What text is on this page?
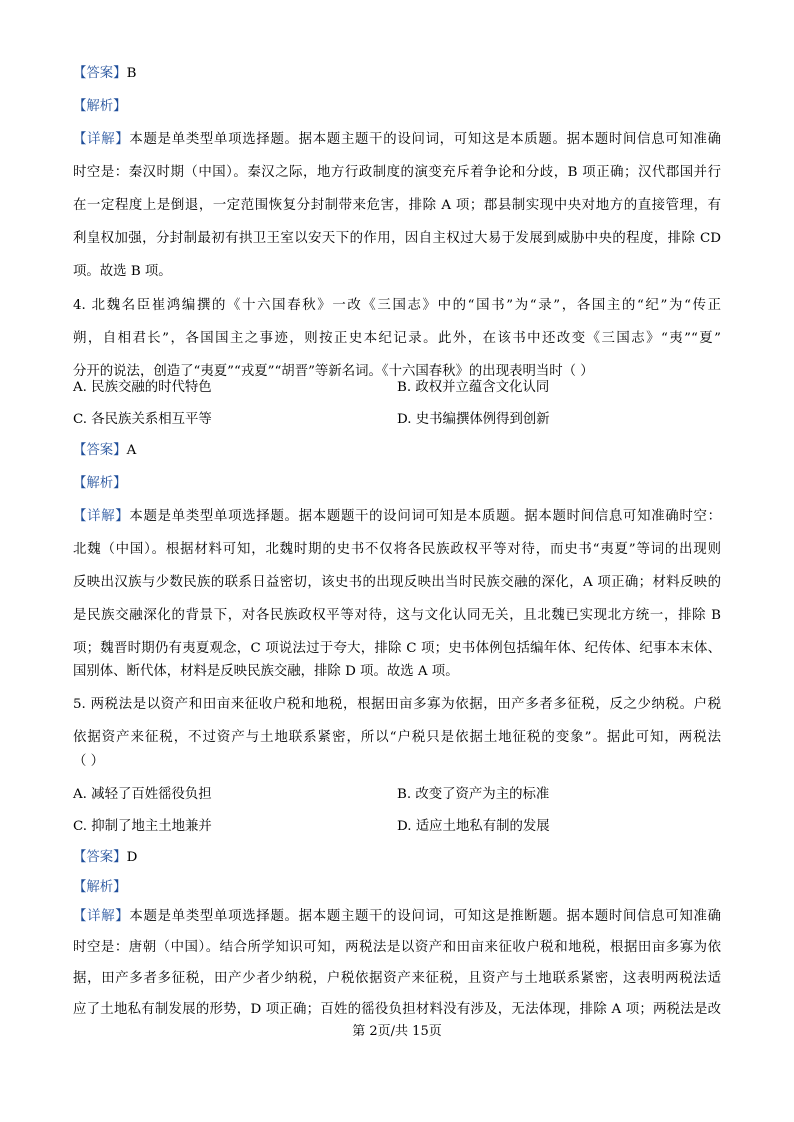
【答案】B
【解析】
【详解】本题是单类型单项选择题。据本题主题干的设问词，可知这是本质题。据本题时间信息可知准确
时空是：秦汉时期（中国）。秦汉之际，地方行政制度的演变充斥着争论和分歧，B 项正确；汉代郡国并行
在一定程度上是倒退，一定范围恢复分封制带来危害，排除 A 项；郡县制实现中央对地方的直接管理，有
利皇权加强，分封制最初有拱卫王室以安天下的作用，因自主权过大易于发展到威胁中央的程度，排除 CD
项。故选 B 项。
4. 北魏名臣崔鸿编撰的《十六国春秋》一改《三国志》中的“国书”为“录”，各国主的“纪”为“传正
朔，自相君长”，各国国主之事迹，则按正史本纪记录。此外，在该书中还改变《三国志》“夷”“夏”
分开的说法，创造了“夷夏”“戎夏”“胡晋”等新名词。《十六国春秋》的出现表明当时（ ）
A. 民族交融的时代特色	B. 政权并立蕴含文化认同
C. 各民族关系相互平等	D. 史书编撰体例得到创新
【答案】A
【解析】
【详解】本题是单类型单项选择题。据本题题干的设问词可知是本质题。据本题时间信息可知准确时空：
北魏（中国）。根据材料可知，北魏时期的史书不仅将各民族政权平等对待，而史书“夷夏”等词的出现则
反映出汉族与少数民族的联系日益密切，该史书的出现反映出当时民族交融的深化，A 项正确；材料反映的
是民族交融深化的背景下，对各民族政权平等对待，这与文化认同无关，且北魏已实现北方统一，排除 B
项；魏晋时期仍有夷夏观念，C 项说法过于夸大，排除 C 项；史书体例包括编年体、纪传体、纪事本末体、
国别体、断代体，材料是反映民族交融，排除 D 项。故选 A 项。
5. 两税法是以资产和田亩来征收户税和地税，根据田亩多寡为依据，田产多者多征税，反之少纳税。户税
依据资产来征税，不过资产与土地联系紧密，所以“户税只是依据土地征税的变象”。据此可知，两税法
（ ）
A. 减轻了百姓徭役负担	B. 改变了资产为主的标准
C. 抑制了地主土地兼并	D. 适应土地私有制的发展
【答案】D
【解析】
【详解】本题是单类型单项选择题。据本题主题干的设问词，可知这是推断题。据本题时间信息可知准确
时空是：唐朝（中国）。结合所学知识可知，两税法是以资产和田亩来征收户税和地税，根据田亩多寡为依
据，田产多者多征税，田产少者少纳税，户税依据资产来征税，且资产与土地联系紧密，这表明两税法适
应了土地私有制发展的形势，D 项正确；百姓的徭役负担材料没有涉及，无法体现，排除 A 项；两税法是改
第 2页/共 15页
